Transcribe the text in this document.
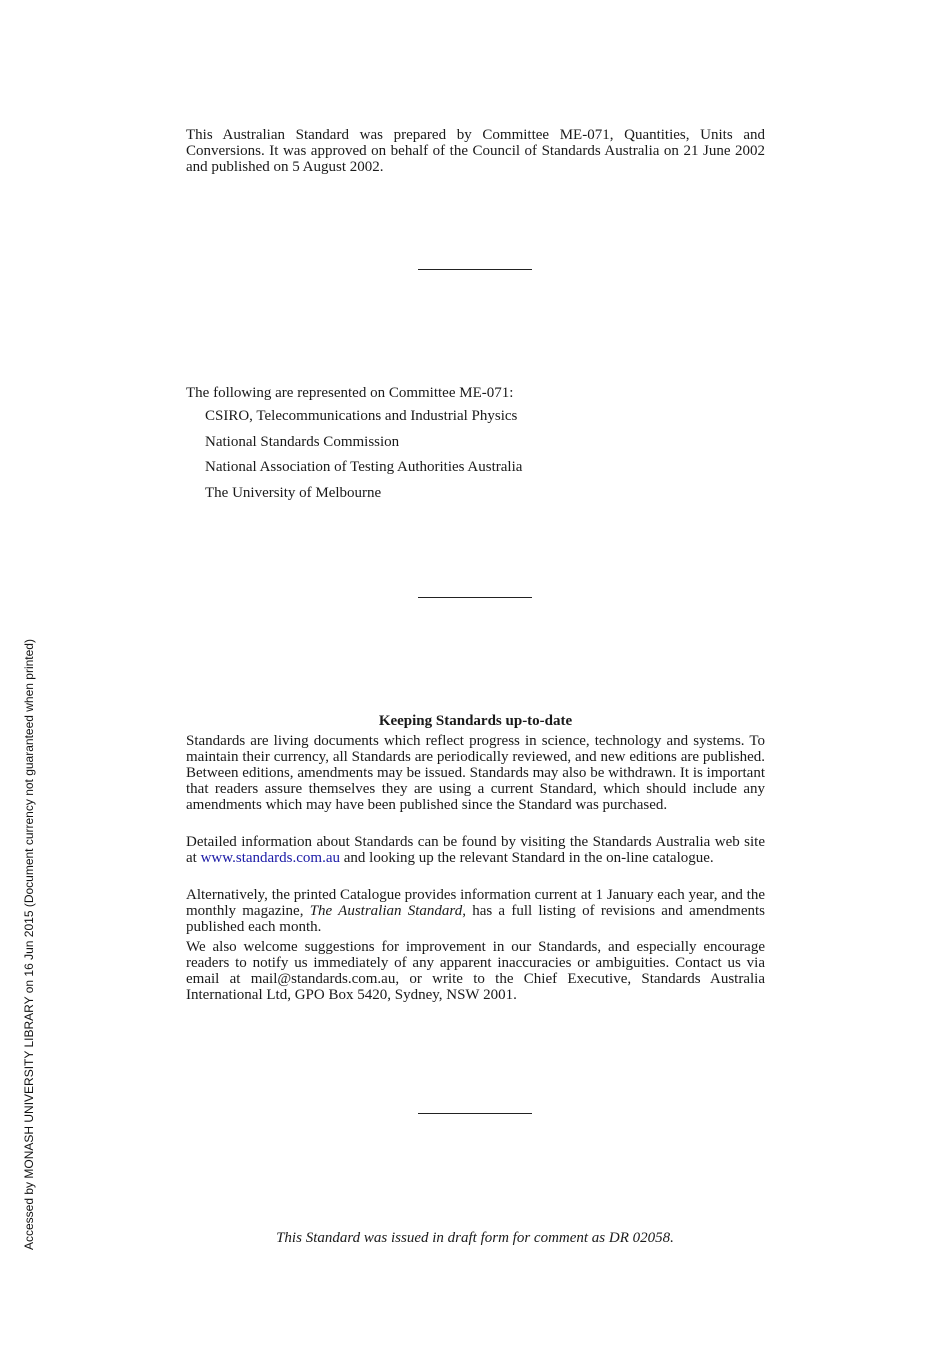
This Australian Standard was prepared by Committee ME-071, Quantities, Units and Conversions. It was approved on behalf of the Council of Standards Australia on 21 June 2002 and published on 5 August 2002.

The following are represented on Committee ME-071:
CSIRO, Telecommunications and Industrial Physics
National Standards Commission
National Association of Testing Authorities Australia
The University of Melbourne
Keeping Standards up-to-date

Standards are living documents which reflect progress in science, technology and systems. To maintain their currency, all Standards are periodically reviewed, and new editions are published. Between editions, amendments may be issued. Standards may also be withdrawn. It is important that readers assure themselves they are using a current Standard, which should include any amendments which may have been published since the Standard was purchased.

Detailed information about Standards can be found by visiting the Standards Australia web site at www.standards.com.au and looking up the relevant Standard in the on-line catalogue.

Alternatively, the printed Catalogue provides information current at 1 January each year, and the monthly magazine, The Australian Standard, has a full listing of revisions and amendments published each month.

We also welcome suggestions for improvement in our Standards, and especially encourage readers to notify us immediately of any apparent inaccuracies or ambiguities. Contact us via email at mail@standards.com.au, or write to the Chief Executive, Standards Australia International Ltd, GPO Box 5420, Sydney, NSW 2001.

This Standard was issued in draft form for comment as DR 02058.
Accessed by MONASH UNIVERSITY LIBRARY on 16 Jun 2015 (Document currency not guaranteed when printed)
